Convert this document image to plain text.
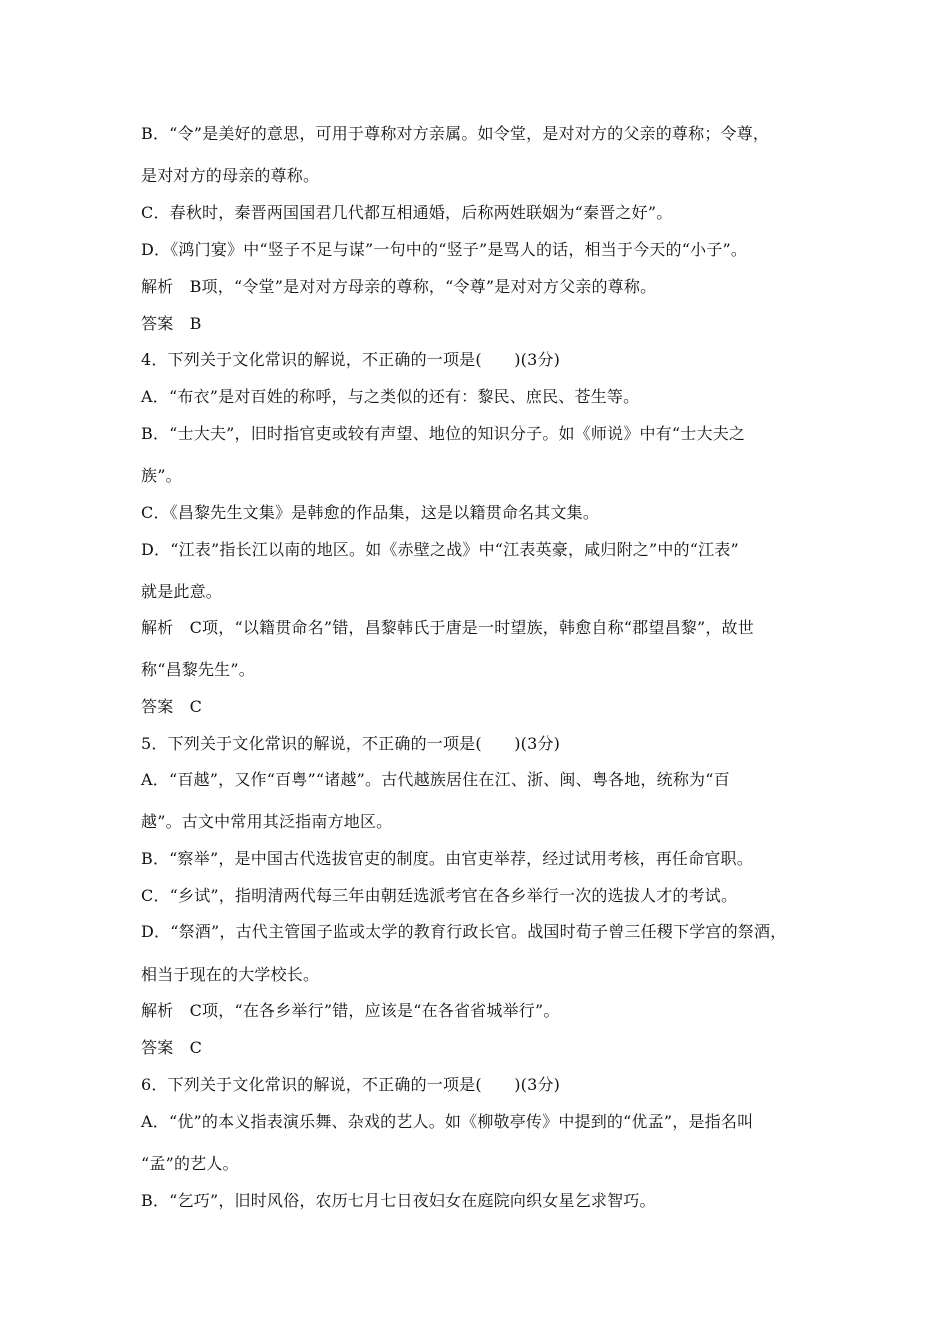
B．“令”是美好的意思，可用于尊称对方亲属。如令堂，是对对方的父亲的尊称；令尊，
是对对方的母亲的尊称。
C．春秋时，秦晋两国国君几代都互相通婚，后称两姓联姻为“秦晋之好”。
D．《鸿门宴》中“竖子不足与谋”一句中的“竖子”是骂人的话，相当于今天的“小子”。
解析　B项，“令堂”是对对方母亲的尊称，“令尊”是对对方父亲的尊称。
答案　B
4．下列关于文化常识的解说，不正确的一项是(　　)(3分)
A．“布衣”是对百姓的称呼，与之类似的还有：黎民、庶民、苍生等。
B．“士大夫”，旧时指官吏或较有声望、地位的知识分子。如《师说》中有“士大夫之
族”。
C．《昌黎先生文集》是韩愈的作品集，这是以籍贯命名其文集。
D．“江表”指长江以南的地区。如《赤壁之战》中“江表英豪，咸归附之”中的“江表”
就是此意。
解析　C项，“以籍贯命名”错，昌黎韩氏于唐是一时望族，韩愈自称“郡望昌黎”，故世
称“昌黎先生”。
答案　C
5．下列关于文化常识的解说，不正确的一项是(　　)(3分)
A．“百越”，又作“百粤”“诸越”。古代越族居住在江、浙、闽、粤各地，统称为“百
越”。古文中常用其泛指南方地区。
B．“察举”，是中国古代选拔官吏的制度。由官吏举荐，经过试用考核，再任命官职。
C．“乡试”，指明清两代每三年由朝廷选派考官在各乡举行一次的选拔人才的考试。
D．“祭酒”，古代主管国子监或太学的教育行政长官。战国时荀子曾三任稷下学宫的祭酒，
相当于现在的大学校长。
解析　C项，“在各乡举行”错，应该是“在各省省城举行”。
答案　C
6．下列关于文化常识的解说，不正确的一项是(　　)(3分)
A．“优”的本义指表演乐舞、杂戏的艺人。如《柳敬亭传》中提到的“优孟”，是指名叫
“孟”的艺人。
B．“乞巧”，旧时风俗，农历七月七日夜妇女在庭院向织女星乞求智巧。
